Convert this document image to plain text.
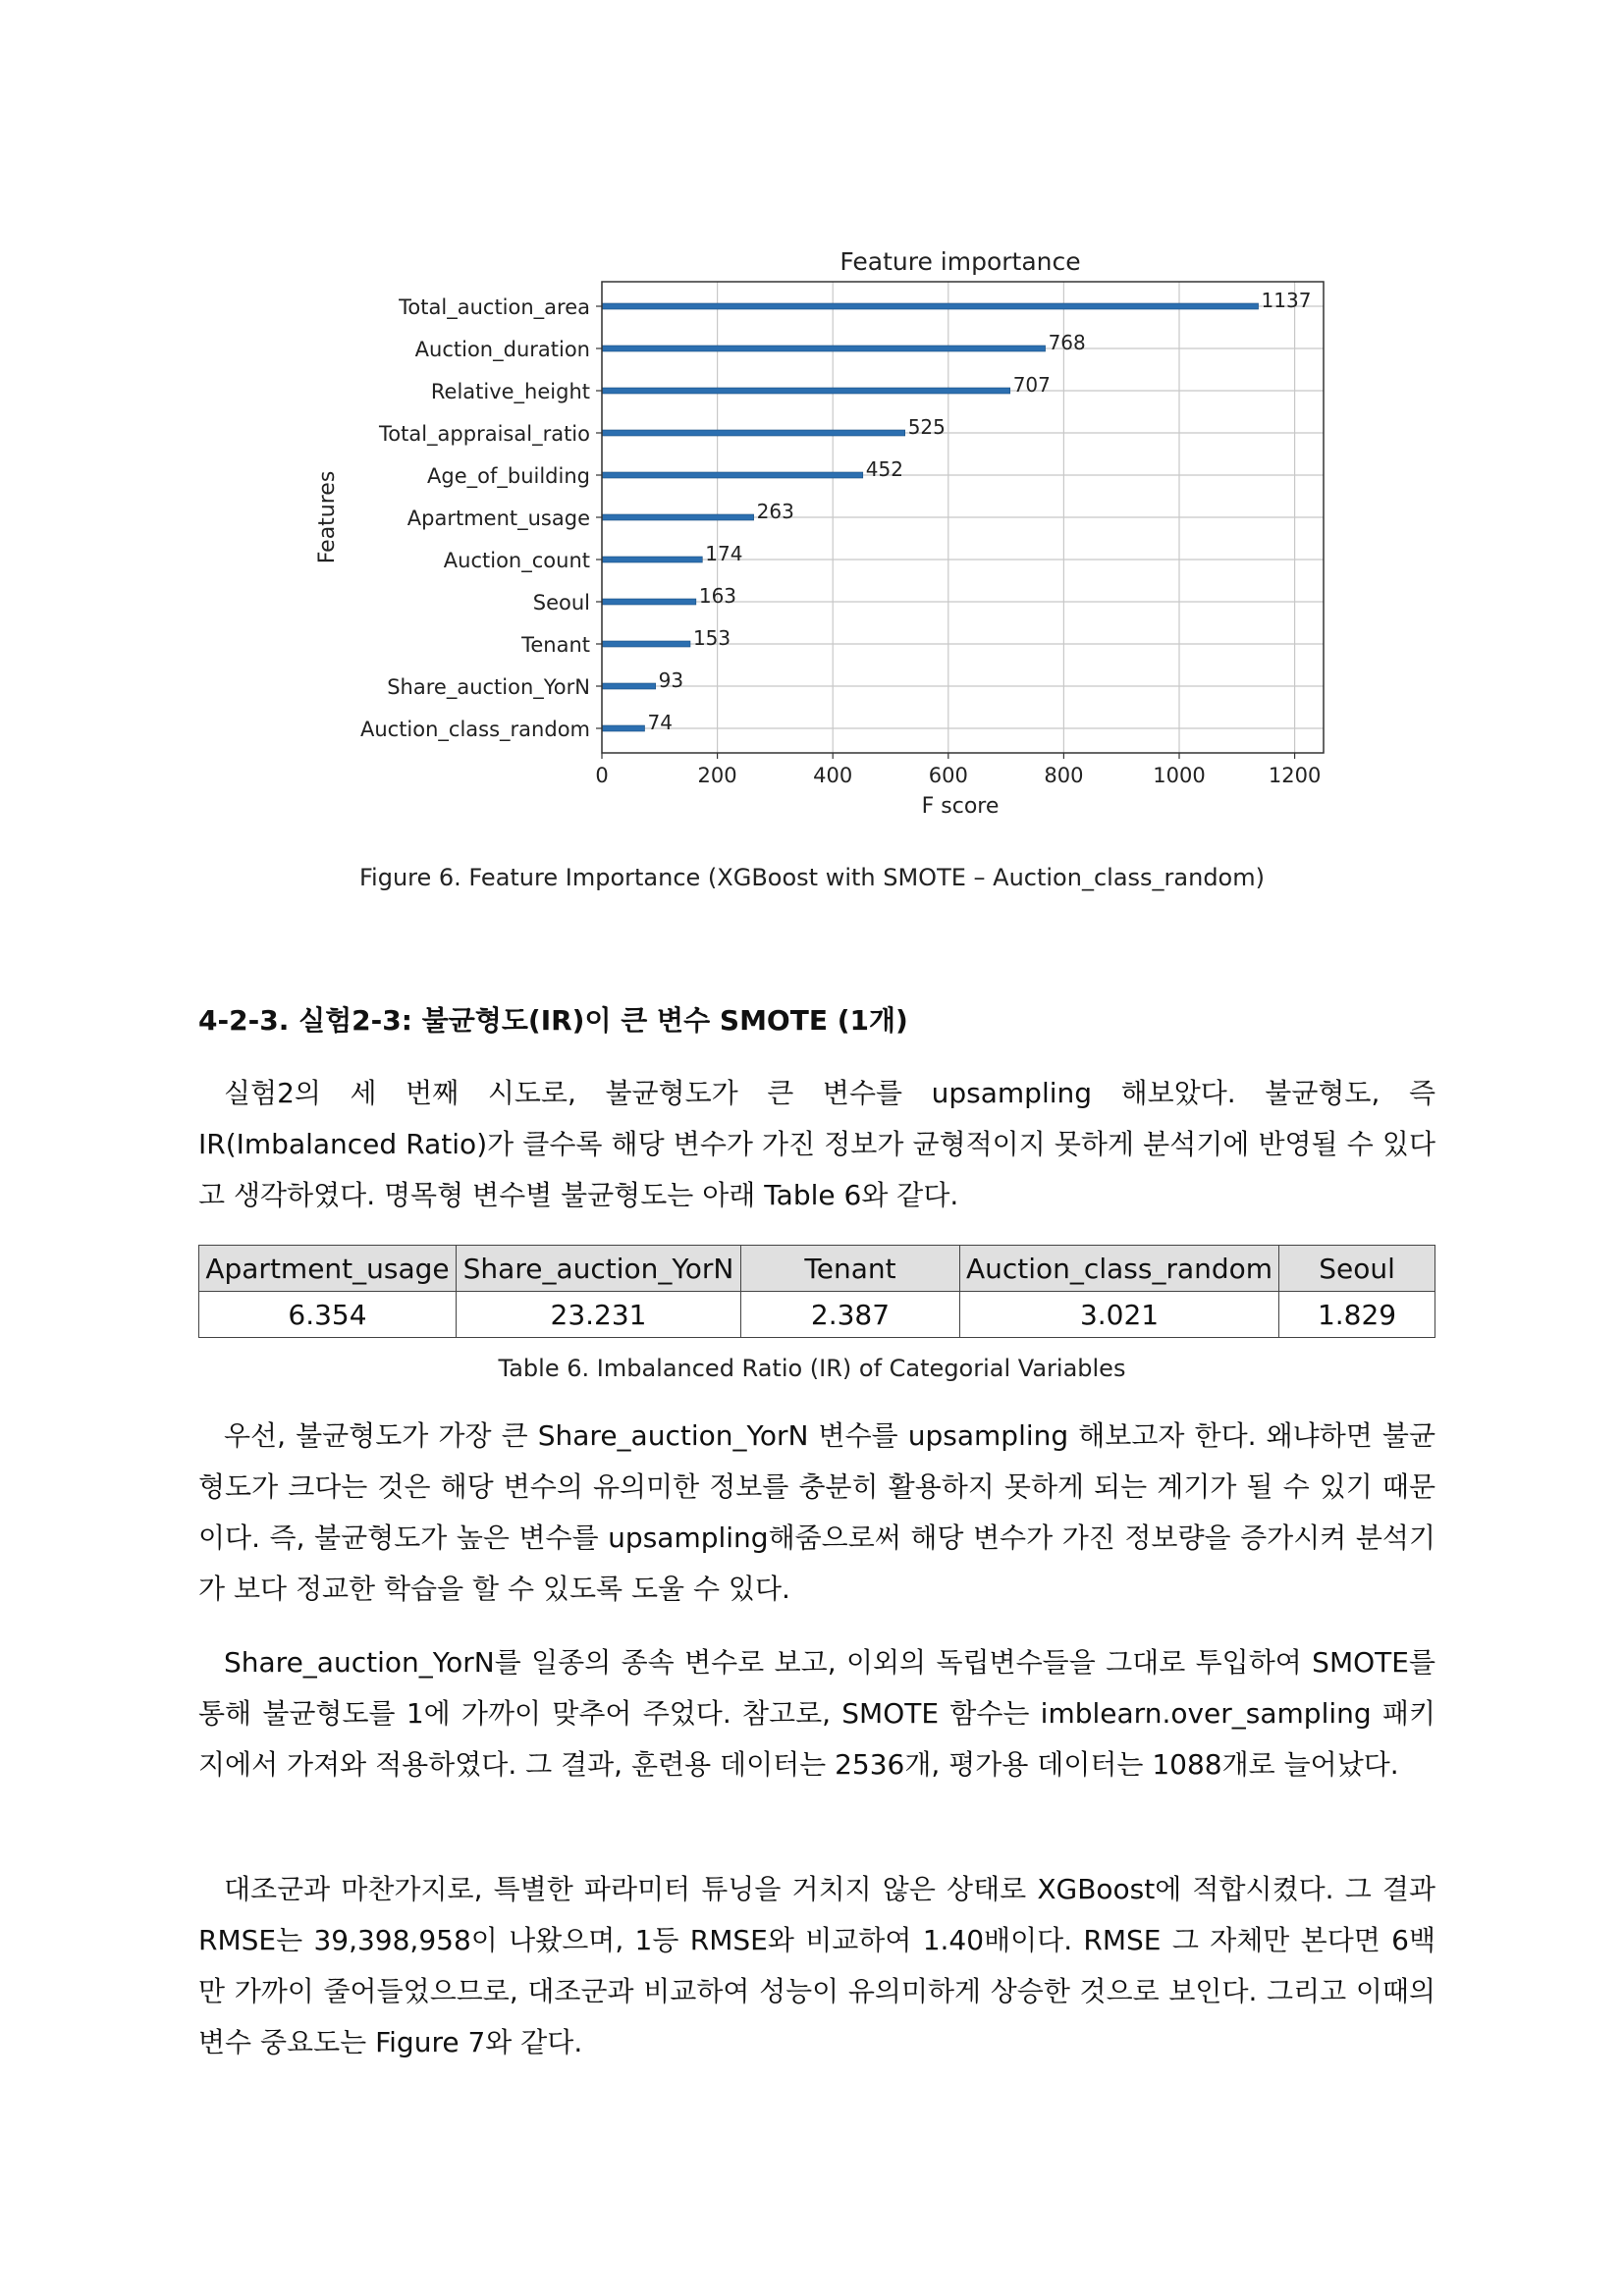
Feature importance
0	200	400	600	800	1000	1200
Total_auction_area	1137
Auction_duration	768
Relative_height	707
Total_appraisal_ratio	525
Age_of_building	452
Apartment_usage	263
Auction_count	174
Seoul	163
Tenant	153
Share_auction_YorN	93
Auction_class_random	74
F score
Features

Figure 6. Feature Importance (XGBoost with SMOTE – Auction_class_random)

4-2-3. 실험2-3: 불균형도(IR)이 큰 변수 SMOTE (1개)

실험2의 세 번째 시도로, 불균형도가 큰 변수를 upsampling 해보았다. 불균형도, 즉 IR(Imbalanced Ratio)가 클수록 해당 변수가 가진 정보가 균형적이지 못하게 분석기에 반영될 수 있다고 생각하였다. 명목형 변수별 불균형도는 아래 Table 6와 같다.

Apartment_usage	Share_auction_YorN	Tenant	Auction_class_random	Seoul
6.354	23.231	2.387	3.021	1.829

Table 6. Imbalanced Ratio (IR) of Categorial Variables

우선, 불균형도가 가장 큰 Share_auction_YorN 변수를 upsampling 해보고자 한다. 왜냐하면 불균형도가 크다는 것은 해당 변수의 유의미한 정보를 충분히 활용하지 못하게 되는 계기가 될 수 있기 때문이다. 즉, 불균형도가 높은 변수를 upsampling해줌으로써 해당 변수가 가진 정보량을 증가시켜 분석기가 보다 정교한 학습을 할 수 있도록 도울 수 있다.

Share_auction_YorN를 일종의 종속 변수로 보고, 이외의 독립변수들을 그대로 투입하여 SMOTE를 통해 불균형도를 1에 가까이 맞추어 주었다. 참고로, SMOTE 함수는 imblearn.over_sampling 패키지에서 가져와 적용하였다. 그 결과, 훈련용 데이터는 2536개, 평가용 데이터는 1088개로 늘어났다.

대조군과 마찬가지로, 특별한 파라미터 튜닝을 거치지 않은 상태로 XGBoost에 적합시켰다. 그 결과 RMSE는 39,398,958이 나왔으며, 1등 RMSE와 비교하여 1.40배이다. RMSE 그 자체만 본다면 6백만 가까이 줄어들었으므로, 대조군과 비교하여 성능이 유의미하게 상승한 것으로 보인다. 그리고 이때의 변수 중요도는 Figure 7와 같다.
